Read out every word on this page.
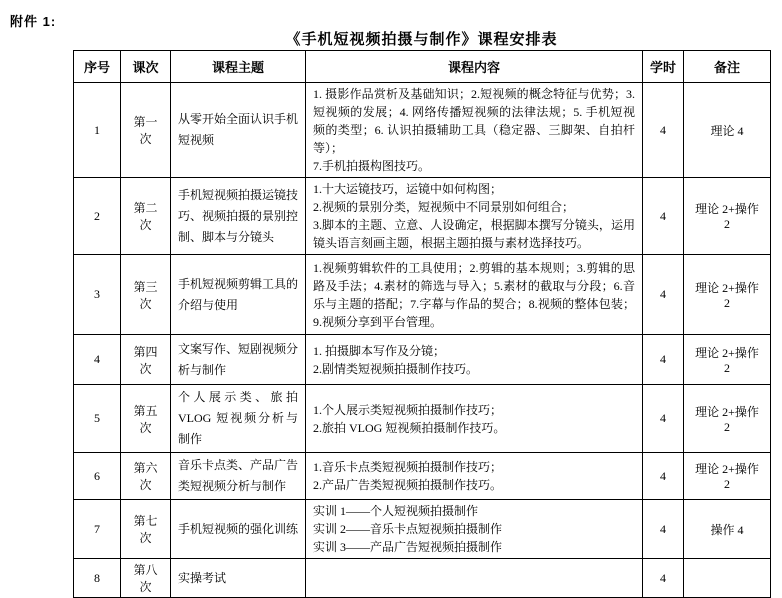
附件 1:
《手机短视频拍摄与制作》课程安排表
序号	课次	课程主题	课程内容	学时	备注
1	第一次	从零开始全面认识手机短视频	1. 摄影作品赏析及基础知识；2.短视频的概念特征与优势；3.短视频的发展；4. 网络传播短视频的法律法规；5. 手机短视频的类型；6. 认识拍摄辅助工具（稳定器、三脚架、自拍杆等）；
7.手机拍摄构图技巧。	4	理论 4
2	第二次	手机短视频拍摄运镜技巧、视频拍摄的景别控制、脚本与分镜头	1.十大运镜技巧，运镜中如何构图；
2.视频的景别分类，短视频中不同景别如何组合；
3.脚本的主题、立意、人设确定，根据脚本撰写分镜头，运用镜头语言刻画主题，根据主题拍摄与素材选择技巧。	4	理论 2+操作 2
3	第三次	手机短视频剪辑工具的介绍与使用	1.视频剪辑软件的工具使用；2.剪辑的基本规则；3.剪辑的思路及手法；4.素材的筛选与导入；5.素材的截取与分段；6.音乐与主题的搭配；7.字幕与作品的契合；8.视频的整体包装；9.视频分享到平台管理。	4	理论 2+操作 2
4	第四次	文案写作、短剧视频分析与制作	1. 拍摄脚本写作及分镜；
2.剧情类短视频拍摄制作技巧。	4	理论 2+操作 2
5	第五次	个人展示类、旅拍 VLOG 短视频分析与制作	1.个人展示类短视频拍摄制作技巧；
2.旅拍 VLOG 短视频拍摄制作技巧。	4	理论 2+操作 2
6	第六次	音乐卡点类、产品广告类短视频分析与制作	1.音乐卡点类短视频拍摄制作技巧；
2.产品广告类短视频拍摄制作技巧。	4	理论 2+操作 2
7	第七次	手机短视频的强化训练	实训 1——个人短视频拍摄制作
实训 2——音乐卡点短视频拍摄制作
实训 3——产品广告短视频拍摄制作	4	操作 4
8	第八次	实操考试		4	
